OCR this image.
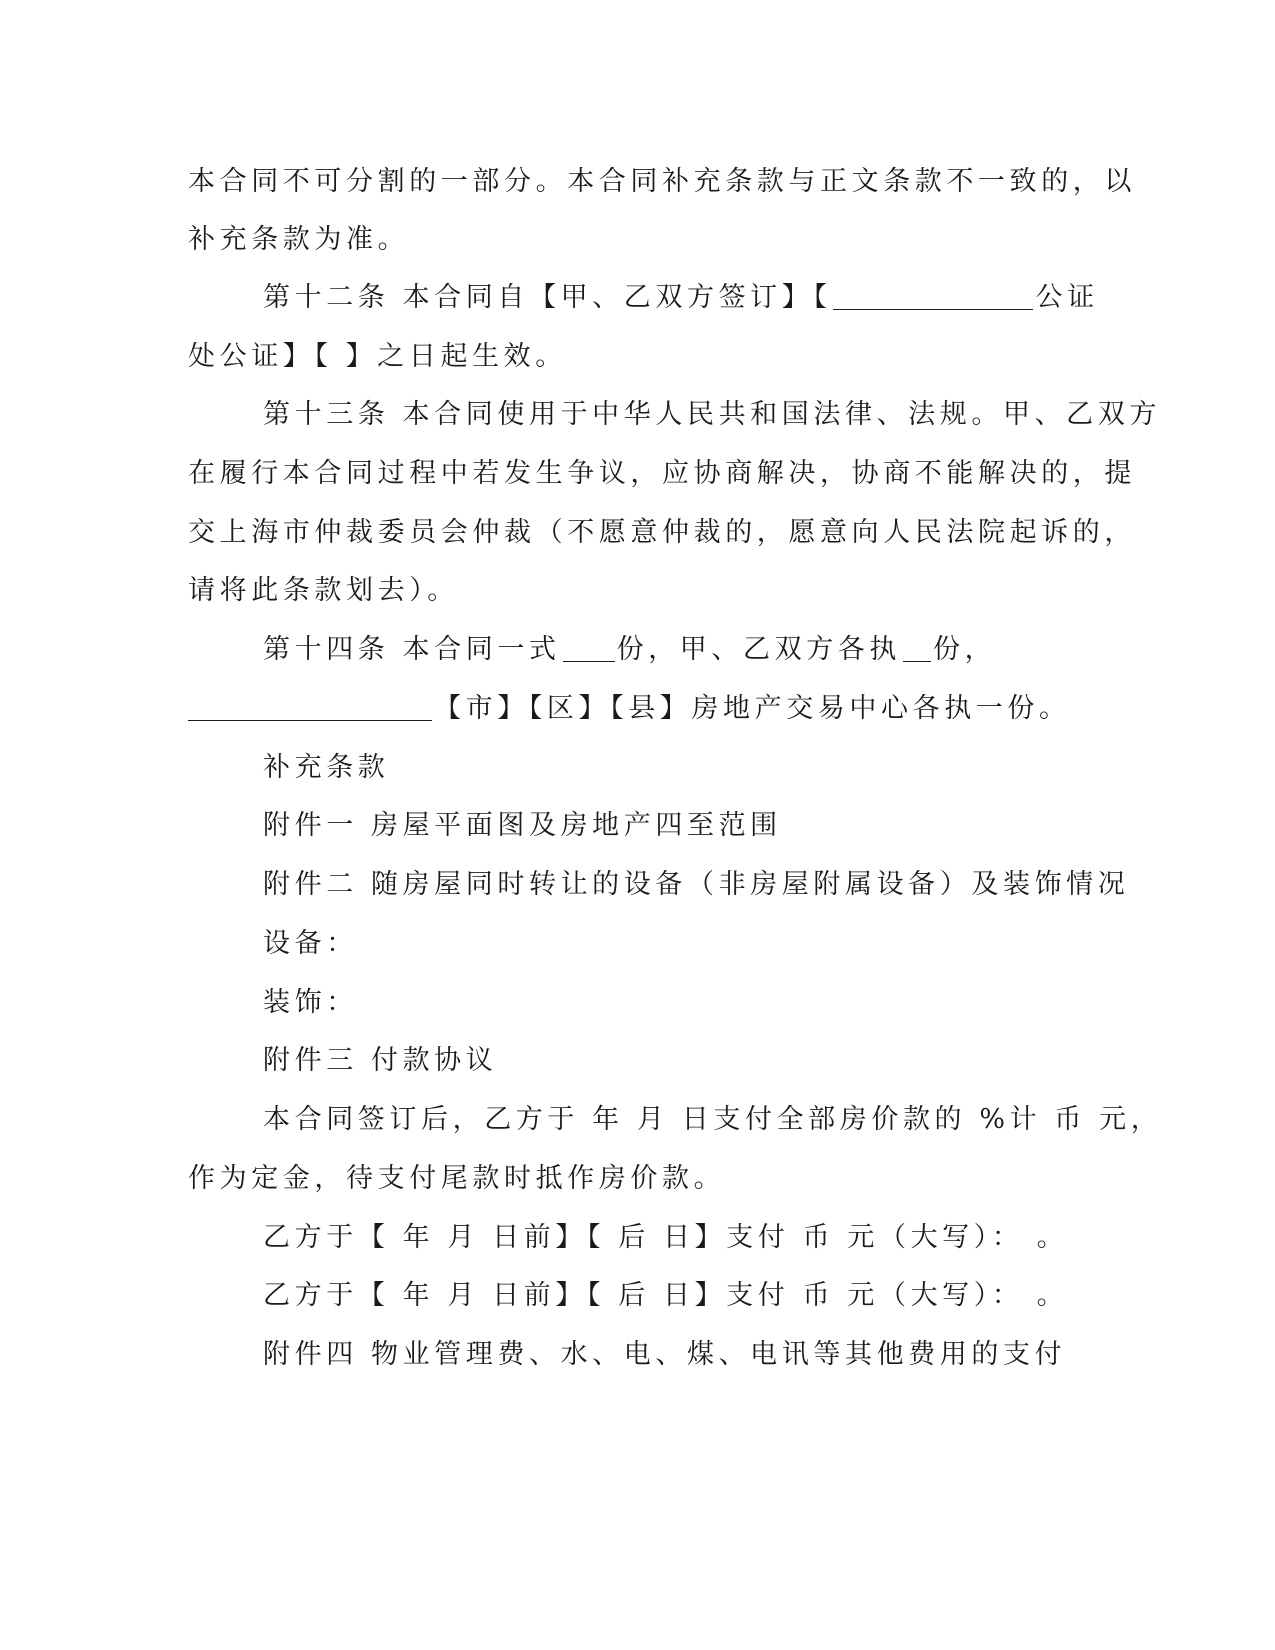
本合同不可分割的一部分。本合同补充条款与正文条款不一致的，以
补充条款为准。
第十二条 本合同自【甲、乙双方签订】【	公证
处公证】【 】之日起生效。
第十三条 本合同使用于中华人民共和国法律、法规。甲、乙双方
在履行本合同过程中若发生争议，应协商解决，协商不能解决的，提
交上海市仲裁委员会仲裁（不愿意仲裁的，愿意向人民法院起诉的，
请将此条款划去）。
第十四条 本合同一式 份，甲、乙双方各执 份，
【市】【区】【县】房地产交易中心各执一份。
补充条款
附件一 房屋平面图及房地产四至范围
附件二 随房屋同时转让的设备（非房屋附属设备）及装饰情况
设备：
装饰：
附件三 付款协议
本合同签订后，乙方于 年 月 日支付全部房价款的 %计 币 元，
作为定金，待支付尾款时抵作房价款。
乙方于【 年 月 日前】【 后 日】支付 币 元（大写）： 。
乙方于【 年 月 日前】【 后 日】支付 币 元（大写）： 。
附件四 物业管理费、水、电、煤、电讯等其他费用的支付
